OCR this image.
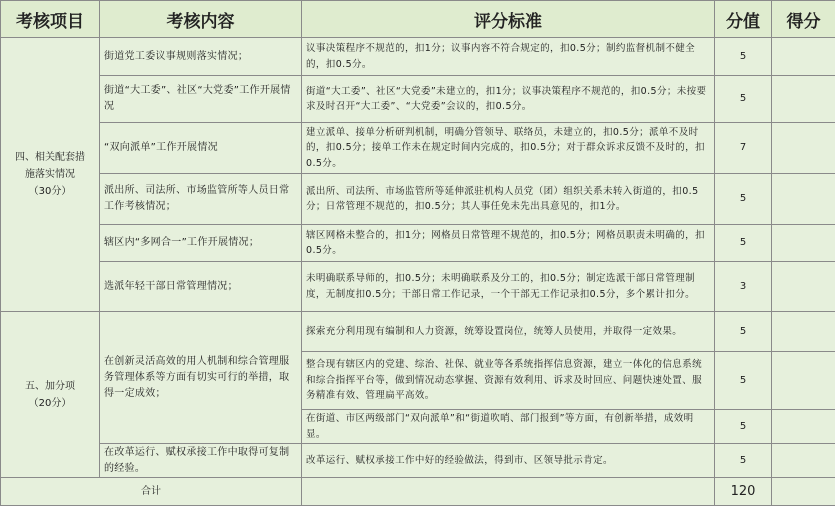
考核项目	考核内容	评分标准	分值	得分

四、相关配套措
施落实情况
（30分）	街道党工委议事规则落实情况；	议事决策程序不规范的，扣1分；议事内容不符合规定的，扣0.5分；制约监督机制不健全的，扣0.5分。	5	
	街道“大工委”、社区“大党委”工作开展情况	街道“大工委”、社区“大党委”未建立的，扣1分；议事决策程序不规范的，扣0.5分；未按要求及时召开“大工委”、“大党委”会议的，扣0.5分。	5	
	“双向派单”工作开展情况	建立派单、接单分析研判机制，明确分管领导、联络员，未建立的，扣0.5分；派单不及时的，扣0.5分；接单工作未在规定时间内完成的，扣0.5分；对于群众诉求反馈不及时的，扣0.5分。	7	
	派出所、司法所、市场监管所等人员日常工作考核情况；	派出所、司法所、市场监管所等延伸派驻机构人员党（团）组织关系未转入街道的，扣0.5分；日常管理不规范的，扣0.5分；其人事任免未先出具意见的，扣1分。	5	
	辖区内“多网合一”工作开展情况；	辖区网格未整合的，扣1分；网格员日常管理不规范的，扣0.5分；网格员职责未明确的，扣0.5分。	5	
	选派年轻干部日常管理情况；	未明确联系导师的，扣0.5分；未明确联系及分工的，扣0.5分；制定选派干部日常管理制度，无制度扣0.5分；干部日常工作记录，一个干部无工作记录扣0.5分，多个累计扣分。	3	

五、加分项
（20分）	在创新灵活高效的用人机制和综合管理服务管理体系等方面有切实可行的举措，取得一定成效；	探索充分利用现有编制和人力资源，统筹设置岗位，统筹人员使用，并取得一定效果。	5	
		整合现有辖区内的党建、综治、社保、就业等各系统指挥信息资源，建立一体化的信息系统和综合指挥平台等，做到情况动态掌握、资源有效利用、诉求及时回应、问题快速处置、服务精准有效、管理扁平高效。	5	
		在街道、市区两级部门“双向派单”和“街道吹哨、部门报到”等方面，有创新举措，成效明显。	5	
	在改革运行、赋权承接工作中取得可复制的经验。	改革运行、赋权承接工作中好的经验做法，得到市、区领导批示肯定。	5	
合计			120	
